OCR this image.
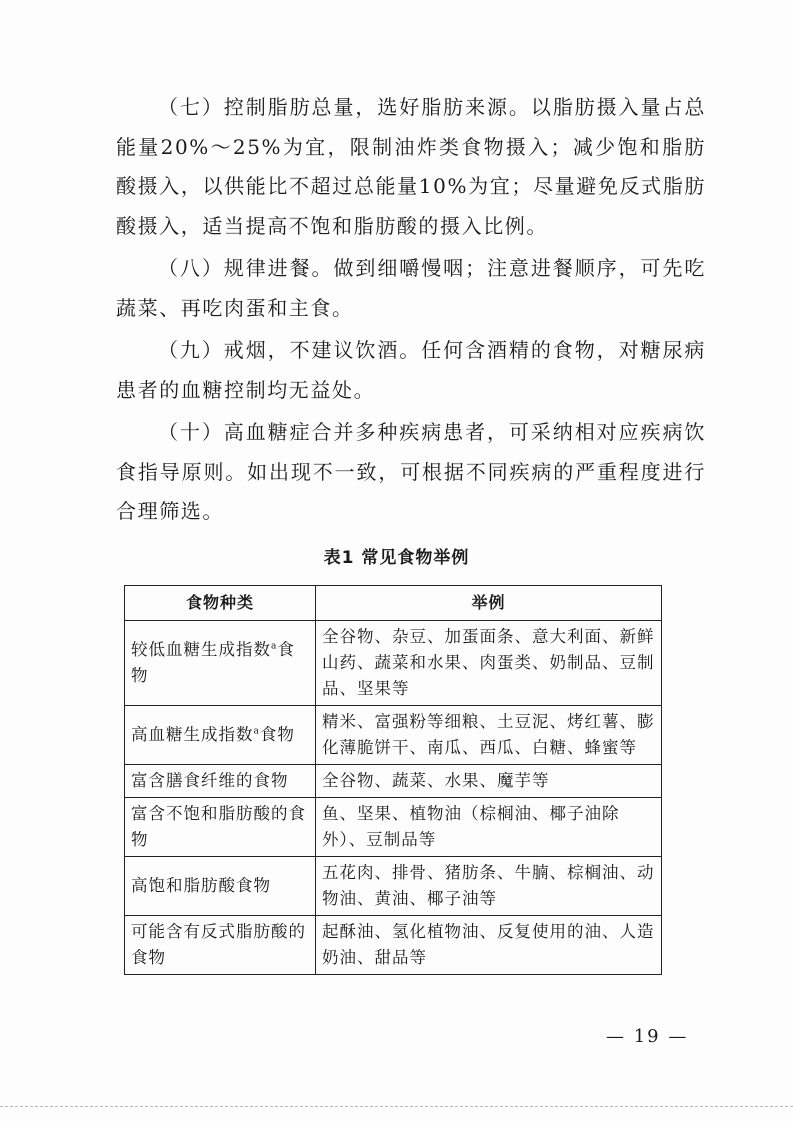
（七）控制脂肪总量，选好脂肪来源。以脂肪摄入量占总能量20%～25%为宜，限制油炸类食物摄入；减少饱和脂肪酸摄入，以供能比不超过总能量10%为宜；尽量避免反式脂肪酸摄入，适当提高不饱和脂肪酸的摄入比例。

（八）规律进餐。做到细嚼慢咽；注意进餐顺序，可先吃蔬菜、再吃肉蛋和主食。

（九）戒烟，不建议饮酒。任何含酒精的食物，对糖尿病患者的血糖控制均无益处。

（十）高血糖症合并多种疾病患者，可采纳相对应疾病饮食指导原则。如出现不一致，可根据不同疾病的严重程度进行合理筛选。

表1 常见食物举例
食物种类	举例
较低血糖生成指数$^a$食物	全谷物、杂豆、加蛋面条、意大利面、新鲜山药、蔬菜和水果、肉蛋类、奶制品、豆制品、坚果等
高血糖生成指数$^a$食物	精米、富强粉等细粮、土豆泥、烤红薯、膨化薄脆饼干、南瓜、西瓜、白糖、蜂蜜等
富含膳食纤维的食物	全谷物、蔬菜、水果、魔芋等
富含不饱和脂肪酸的食物	鱼、坚果、植物油（棕榈油、椰子油除外）、豆制品等
高饱和脂肪酸食物	五花肉、排骨、猪肪条、牛腩、棕榈油、动物油、黄油、椰子油等
可能含有反式脂肪酸的食物	起酥油、氢化植物油、反复使用的油、人造奶油、甜品等
— 19 —
